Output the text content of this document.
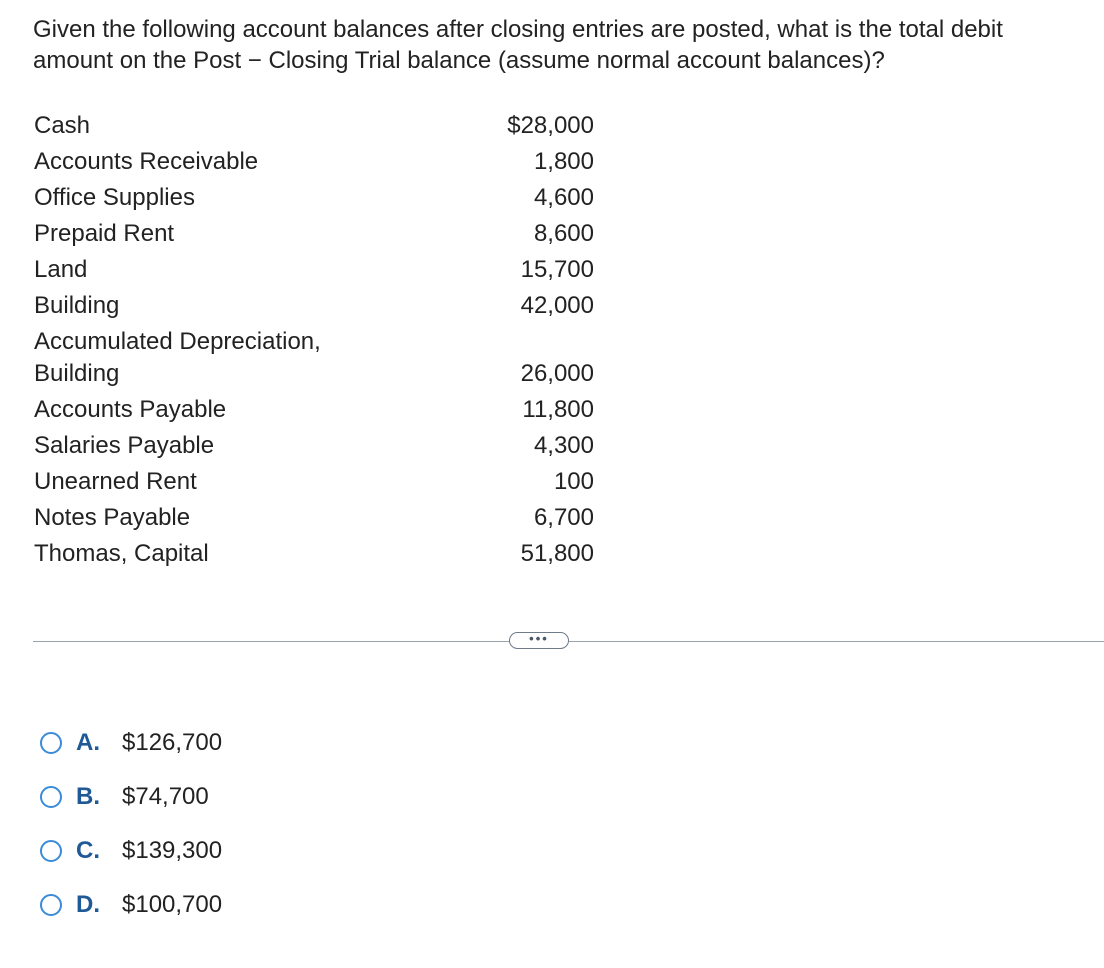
Given the following account balances after closing entries are posted, what is the total debit
amount on the Post − Closing Trial balance (assume normal account balances)?

Cash	$28,000
Accounts Receivable	1,800
Office Supplies	4,600
Prepaid Rent	8,600
Land	15,700
Building	42,000
Accumulated Depreciation,
Building	26,000
Accounts Payable	11,800
Salaries Payable	4,300
Unearned Rent	100
Notes Payable	6,700
Thomas, Capital	51,800
•••
A. $126,700
B. $74,700
C. $139,300
D. $100,700
